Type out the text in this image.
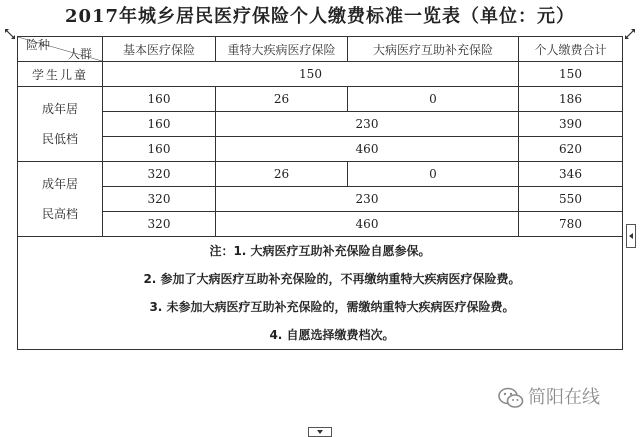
2017年城乡居民医疗保险个人缴费标准一览表（单位：元）
人群
险种	基本医疗保险	重特大疾病医疗保险	大病医疗互助补充保险	个人缴费合计
学生儿童	150			150

成年居
民低档	160	26	0	186
	160	230		390
	160	460		620

成年居
民高档	320	26	0	346
	320	230		550
	320	460		780

注：1. 大病医疗互助补充保险自愿参保。
2. 参加了大病医疗互助补充保险的，不再缴纳重特大疾病医疗保险费。
3. 未参加大病医疗互助补充保险的，需缴纳重特大疾病医疗保险费。
4. 自愿选择缴费档次。				
简阳在线
